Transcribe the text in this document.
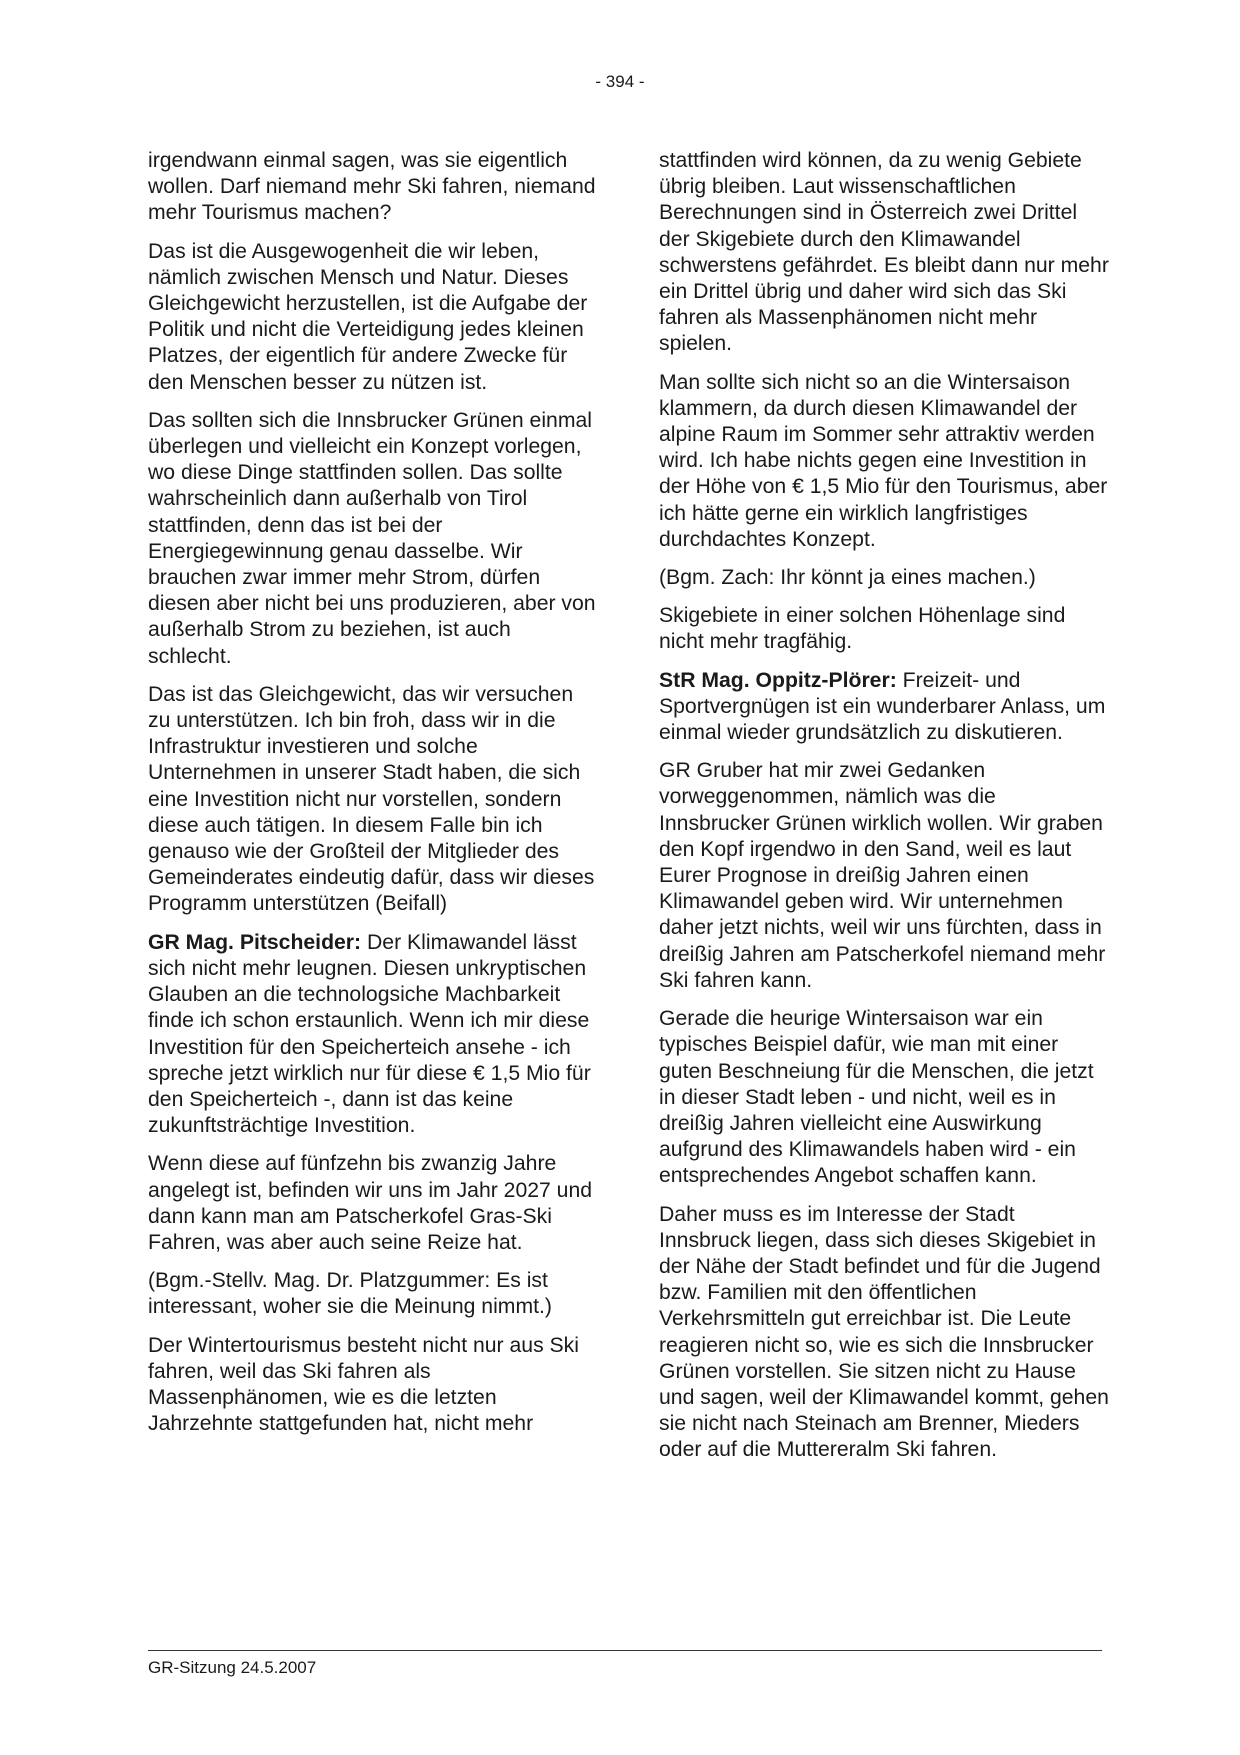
- 394 -

irgendwann einmal sagen, was sie eigentlich wollen. Darf niemand mehr Ski fahren, niemand mehr Tourismus machen?

Das ist die Ausgewogenheit die wir leben, nämlich zwischen Mensch und Natur. Dieses Gleichgewicht herzustellen, ist die Aufgabe der Politik und nicht die Verteidigung jedes kleinen Platzes, der eigentlich für andere Zwecke für den Menschen besser zu nützen ist.

Das sollten sich die Innsbrucker Grünen einmal überlegen und vielleicht ein Konzept vorlegen, wo diese Dinge stattfinden sollen. Das sollte wahrscheinlich dann außerhalb von Tirol stattfinden, denn das ist bei der Energiegewinnung genau dasselbe. Wir brauchen zwar immer mehr Strom, dürfen diesen aber nicht bei uns produzieren, aber von außerhalb Strom zu beziehen, ist auch schlecht.

Das ist das Gleichgewicht, das wir versuchen zu unterstützen. Ich bin froh, dass wir in die Infrastruktur investieren und solche Unternehmen in unserer Stadt haben, die sich eine Investition nicht nur vorstellen, sondern diese auch tätigen. In diesem Falle bin ich genauso wie der Großteil der Mitglieder des Gemeinderates eindeutig dafür, dass wir dieses Programm unterstützen (Beifall)

GR Mag. Pitscheider: Der Klimawandel lässt sich nicht mehr leugnen. Diesen unkryptischen Glauben an die technologsiche Machbarkeit finde ich schon erstaunlich. Wenn ich mir diese Investition für den Speicherteich ansehe - ich spreche jetzt wirklich nur für diese € 1,5 Mio für den Speicherteich -, dann ist das keine zukunftsträchtige Investition.

Wenn diese auf fünfzehn bis zwanzig Jahre angelegt ist, befinden wir uns im Jahr 2027 und dann kann man am Patscherkofel Gras-Ski Fahren, was aber auch seine Reize hat.

(Bgm.-Stellv. Mag. Dr. Platzgummer: Es ist interessant, woher sie die Meinung nimmt.)

Der Wintertourismus besteht nicht nur aus Ski fahren, weil das Ski fahren als Massenphänomen, wie es die letzten Jahrzehnte stattgefunden hat, nicht mehr

stattfinden wird können, da zu wenig Gebiete übrig bleiben. Laut wissenschaftlichen Berechnungen sind in Österreich zwei Drittel der Skigebiete durch den Klimawandel schwerstens gefährdet. Es bleibt dann nur mehr ein Drittel übrig und daher wird sich das Ski fahren als Massenphänomen nicht mehr spielen.

Man sollte sich nicht so an die Wintersaison klammern, da durch diesen Klimawandel der alpine Raum im Sommer sehr attraktiv werden wird. Ich habe nichts gegen eine Investition in der Höhe von € 1,5 Mio für den Tourismus, aber ich hätte gerne ein wirklich langfristiges durchdachtes Konzept.

(Bgm. Zach: Ihr könnt ja eines machen.)

Skigebiete in einer solchen Höhenlage sind nicht mehr tragfähig.

StR Mag. Oppitz-Plörer: Freizeit- und Sportvergnügen ist ein wunderbarer Anlass, um einmal wieder grundsätzlich zu diskutieren.

GR Gruber hat mir zwei Gedanken vorweggenommen, nämlich was die Innsbrucker Grünen wirklich wollen. Wir graben den Kopf irgendwo in den Sand, weil es laut Eurer Prognose in dreißig Jahren einen Klimawandel geben wird. Wir unternehmen daher jetzt nichts, weil wir uns fürchten, dass in dreißig Jahren am Patscherkofel niemand mehr Ski fahren kann.

Gerade die heurige Wintersaison war ein typisches Beispiel dafür, wie man mit einer guten Beschneiung für die Menschen, die jetzt in dieser Stadt leben - und nicht, weil es in dreißig Jahren vielleicht eine Auswirkung aufgrund des Klimawandels haben wird - ein entsprechendes Angebot schaffen kann.

Daher muss es im Interesse der Stadt Innsbruck liegen, dass sich dieses Skigebiet in der Nähe der Stadt befindet und für die Jugend bzw. Familien mit den öffentlichen Verkehrsmitteln gut erreichbar ist. Die Leute reagieren nicht so, wie es sich die Innsbrucker Grünen vorstellen. Sie sitzen nicht zu Hause und sagen, weil der Klimawandel kommt, gehen sie nicht nach Steinach am Brenner, Mieders oder auf die Muttereralm Ski fahren.

GR-Sitzung 24.5.2007
